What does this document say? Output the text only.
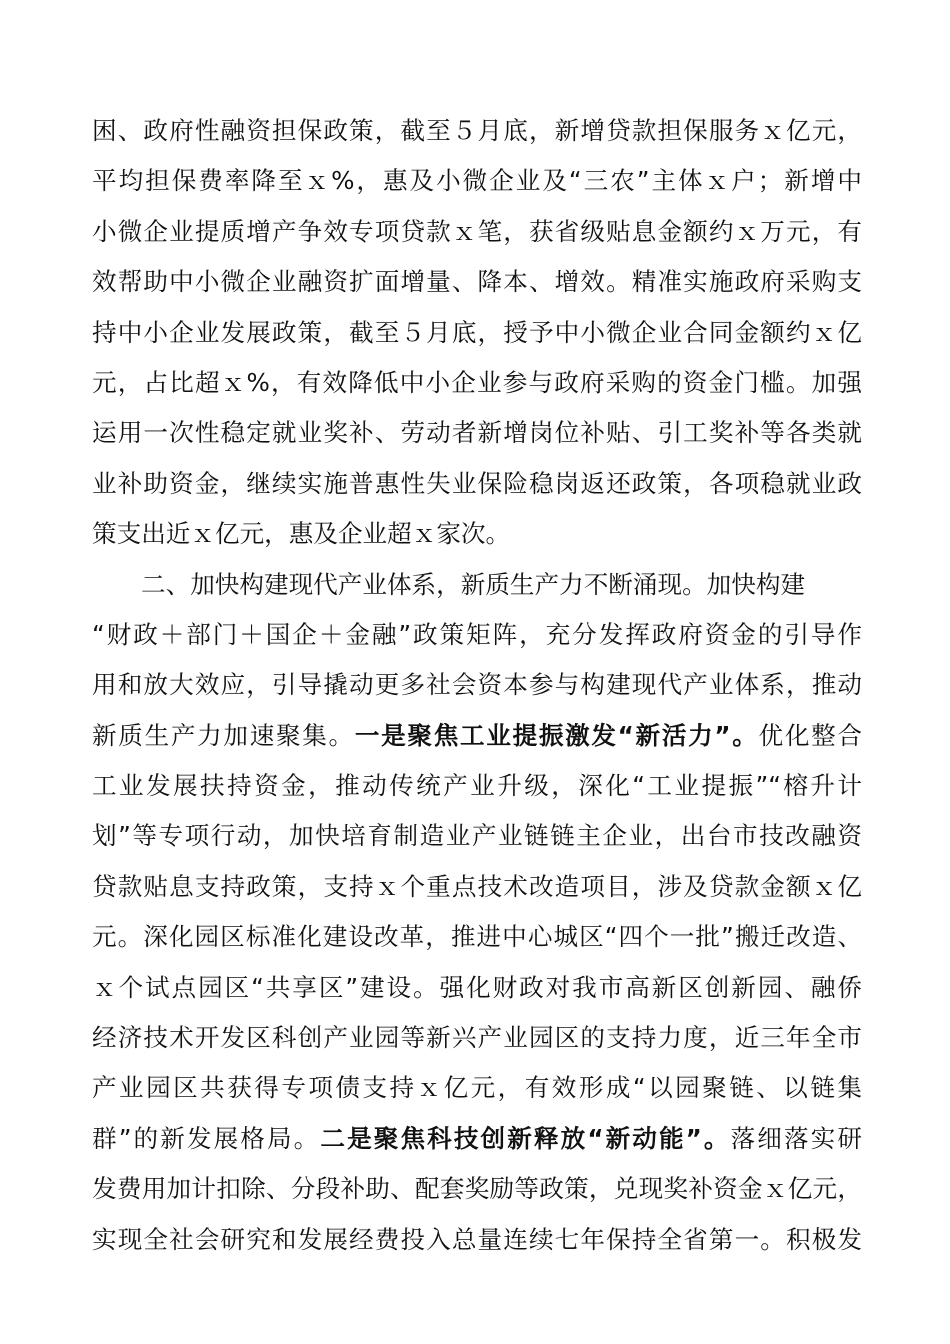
困、政府性融资担保政策，截至５月底，新增贷款担保服务ｘ亿元，
平均担保费率降至ｘ%，惠及小微企业及“三农”主体ｘ户；新增中
小微企业提质增产争效专项贷款ｘ笔，获省级贴息金额约ｘ万元，有
效帮助中小微企业融资扩面增量、降本、增效。精准实施政府采购支
持中小企业发展政策，截至５月底，授予中小微企业合同金额约ｘ亿
元，占比超ｘ%，有效降低中小企业参与政府采购的资金门槛。加强
运用一次性稳定就业奖补、劳动者新增岗位补贴、引工奖补等各类就
业补助资金，继续实施普惠性失业保险稳岗返还政策，各项稳就业政
策支出近ｘ亿元，惠及企业超ｘ家次。
二、加快构建现代产业体系，新质生产力不断涌现。加快构建
“财政＋部门＋国企＋金融”政策矩阵，充分发挥政府资金的引导作
用和放大效应，引导撬动更多社会资本参与构建现代产业体系，推动
新质生产力加速聚集。一是聚焦工业提振激发“新活力”。优化整合
工业发展扶持资金，推动传统产业升级，深化“工业提振”“榕升计
划”等专项行动，加快培育制造业产业链链主企业，出台市技改融资
贷款贴息支持政策，支持ｘ个重点技术改造项目，涉及贷款金额ｘ亿
元。深化园区标准化建设改革，推进中心城区“四个一批”搬迁改造、
ｘ个试点园区“共享区”建设。强化财政对我市高新区创新园、融侨
经济技术开发区科创产业园等新兴产业园区的支持力度，近三年全市
产业园区共获得专项债支持ｘ亿元，有效形成“以园聚链、以链集
群”的新发展格局。二是聚焦科技创新释放“新动能”。落细落实研
发费用加计扣除、分段补助、配套奖励等政策，兑现奖补资金ｘ亿元，
实现全社会研究和发展经费投入总量连续七年保持全省第一。积极发
